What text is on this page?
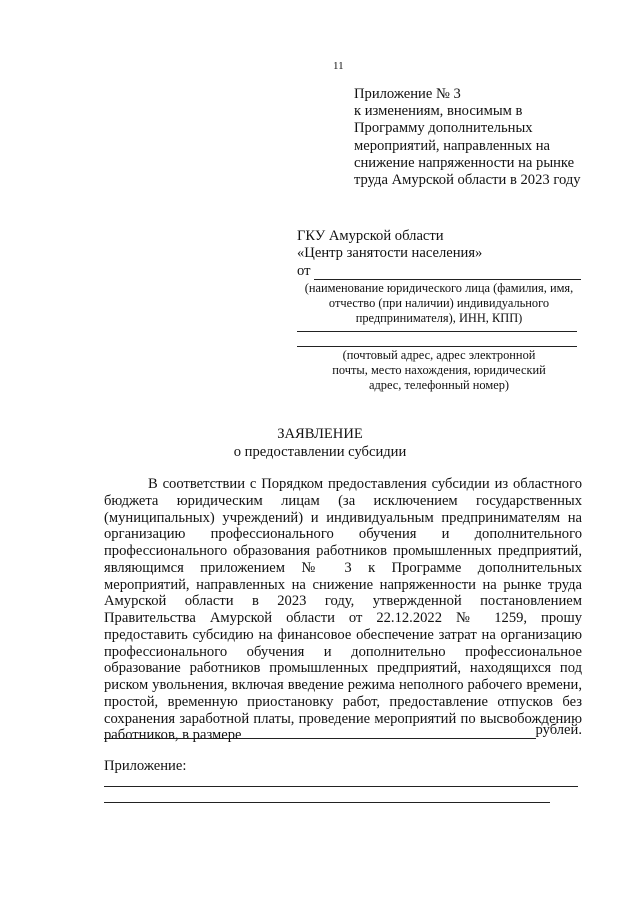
11
Приложение № 3
к изменениям, вносимым в
Программу дополнительных
мероприятий, направленных на
снижение напряженности на рынке
труда Амурской области в 2023 году
ГКУ Амурской области
«Центр занятости населения»
от
(наименование юридического лица (фамилия, имя,
отчество (при наличии) индивидуального
предпринимателя), ИНН, КПП)
(почтовый адрес, адрес электронной
почты, место нахождения, юридический
адрес, телефонный номер)
ЗАЯВЛЕНИЕ
о предоставлении субсидии
В соответствии с Порядком предоставления субсидии из областного бюджета юридическим лицам (за исключением государственных (муниципальных) учреждений) и индивидуальным предпринимателям на организацию профессионального обучения и дополнительного профессионального образования работников промышленных предприятий, являющимся приложением № 3 к Программе дополнительных мероприятий, направленных на снижение напряженности на рынке труда Амурской области в 2023 году, утвержденной постановлением Правительства Амурской области от 22.12.2022 № 1259, прошу предоставить субсидию на финансовое обеспечение затрат на организацию профессионального обучения и дополнительно профессиональное образование работников промышленных предприятий, находящихся под риском увольнения, включая введение режима неполного рабочего времени, простой, временную приостановку работ, предоставление отпусков без сохранения заработной платы, проведение мероприятий по высвобождению работников, в размере	рублей.
Приложение:
